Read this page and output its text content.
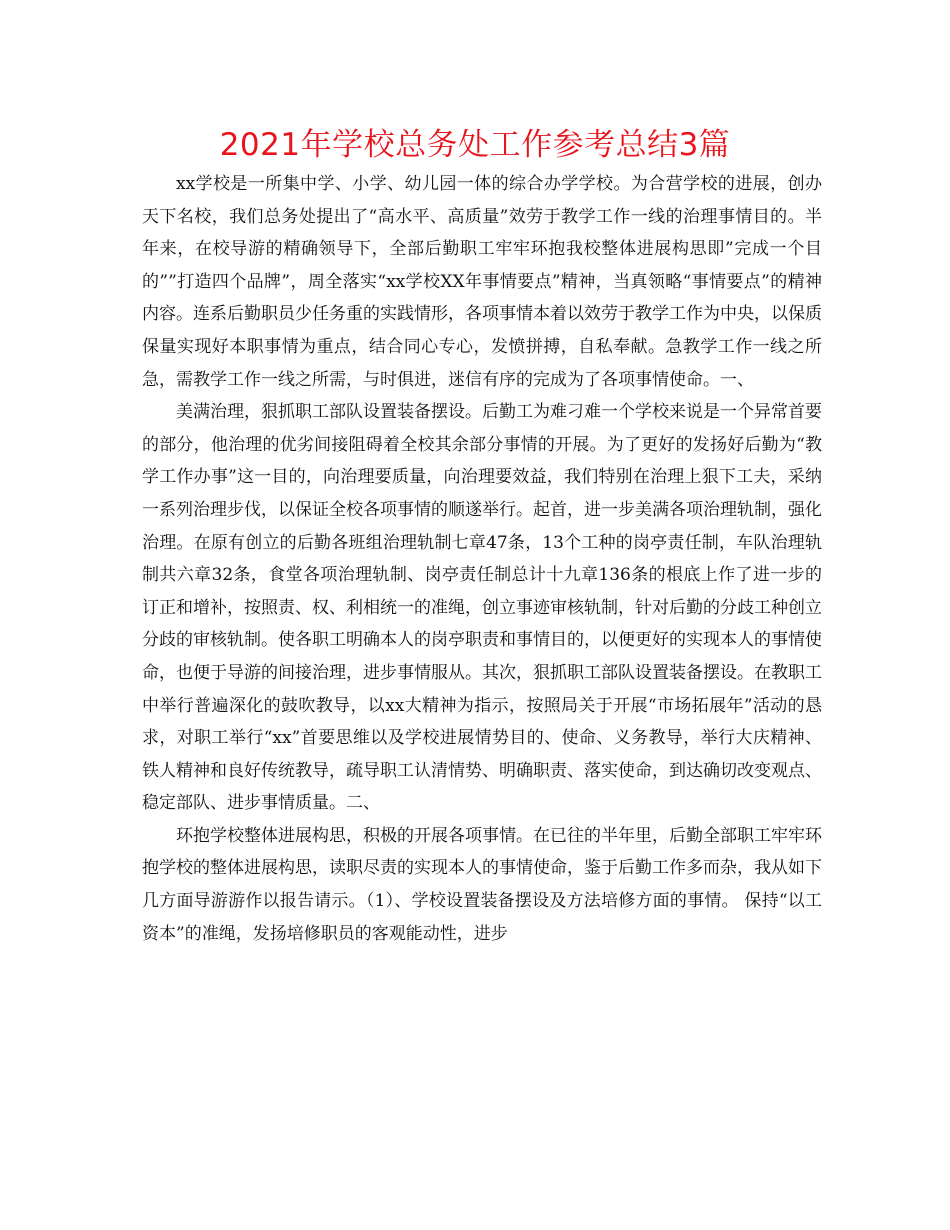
2021年学校总务处工作参考总结3篇

xx学校是一所集中学、小学、幼儿园一体的综合办学学校。为合营学校的进展，创办天下名校，我们总务处提出了“高水平、高质量”效劳于教学工作一线的治理事情目的。半年来，在校导游的精确领导下，全部后勤职工牢牢环抱我校整体进展构思即”完成一个目的””打造四个品牌”，周全落实“xx学校XX年事情要点”精神，当真领略“事情要点”的精神内容。连系后勤职员少任务重的实践情形，各项事情本着以效劳于教学工作为中央，以保质保量实现好本职事情为重点，结合同心专心，发愤拼搏，自私奉献。急教学工作一线之所急，需教学工作一线之所需，与时俱进，迷信有序的完成为了各项事情使命。一、

美满治理，狠抓职工部队设置装备摆设。后勤工为难刁难一个学校来说是一个异常首要的部分，他治理的优劣间接阻碍着全校其余部分事情的开展。为了更好的发扬好后勤为“教学工作办事”这一目的，向治理要质量，向治理要效益，我们特别在治理上狠下工夫，采纳一系列治理步伐，以保证全校各项事情的顺遂举行。起首，进一步美满各项治理轨制，强化治理。在原有创立的后勤各班组治理轨制七章47条，13个工种的岗亭责任制，车队治理轨制共六章32条，食堂各项治理轨制、岗亭责任制总计十九章136条的根底上作了进一步的订正和增补，按照责、权、利相统一的准绳，创立事迹审核轨制，针对后勤的分歧工种创立分歧的审核轨制。使各职工明确本人的岗亭职责和事情目的，以便更好的实现本人的事情使命，也便于导游的间接治理，进步事情服从。其次，狠抓职工部队设置装备摆设。在教职工中举行普遍深化的鼓吹教导，以xx大精神为指示，按照局关于开展“市场拓展年”活动的恳求，对职工举行“xx”首要思维以及学校进展情势目的、使命、义务教导，举行大庆精神、铁人精神和良好传统教导，疏导职工认清情势、明确职责、落实使命，到达确切改变观点、稳定部队、进步事情质量。二、

环抱学校整体进展构思，积极的开展各项事情。在已往的半年里，后勤全部职工牢牢环抱学校的整体进展构思，读职尽责的实现本人的事情使命，鉴于后勤工作多而杂，我从如下几方面导游游作以报告请示。（1）、学校设置装备摆设及方法培修方面的事情。 保持“以工资本”的准绳，发扬培修职员的客观能动性，进步
